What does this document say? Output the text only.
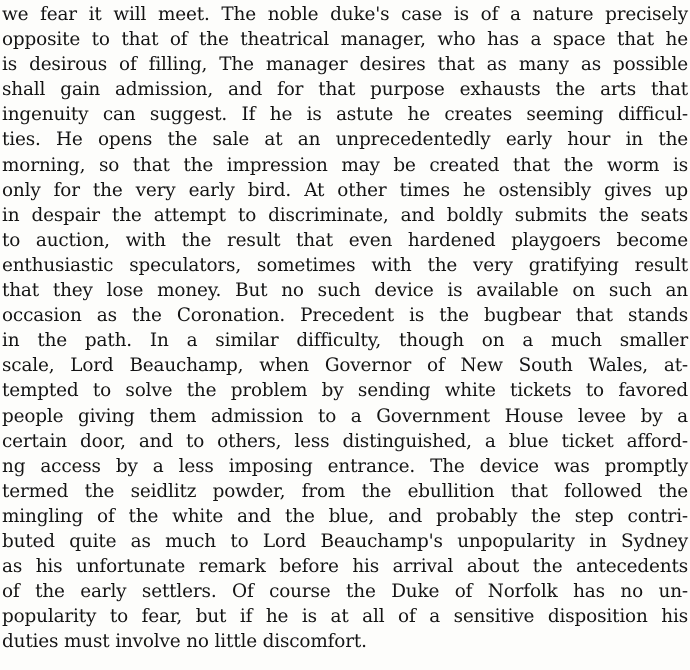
we fear it will meet. The noble duke's case is of a nature precisely
opposite to that of the theatrical manager, who has a space that he
is desirous of filling, The manager desires that as many as possible
shall gain admission, and for that purpose exhausts the arts that
ingenuity can suggest. If he is astute he creates seeming difficul-
ties. He opens the sale at an unprecedentedly early hour in the
morning, so that the impression may be created that the worm is
only for the very early bird. At other times he ostensibly gives up
in despair the attempt to discriminate, and boldly submits the seats
to auction, with the result that even hardened playgoers become
enthusiastic speculators, sometimes with the very gratifying result
that they lose money. But no such device is available on such an
occasion as the Coronation. Precedent is the bugbear that stands
in the path. In a similar difficulty, though on a much smaller
scale, Lord Beauchamp, when Governor of New South Wales, at-
tempted to solve the problem by sending white tickets to favored
people giving them admission to a Government House levee by a
certain door, and to others, less distinguished, a blue ticket afford-
ng access by a less imposing entrance. The device was promptly
termed the seidlitz powder, from the ebullition that followed the
mingling of the white and the blue, and probably the step contri-
buted quite as much to Lord Beauchamp's unpopularity in Sydney
as his unfortunate remark before his arrival about the antecedents
of the early settlers. Of course the Duke of Norfolk has no un-
popularity to fear, but if he is at all of a sensitive disposition his
duties must involve no little discomfort.
